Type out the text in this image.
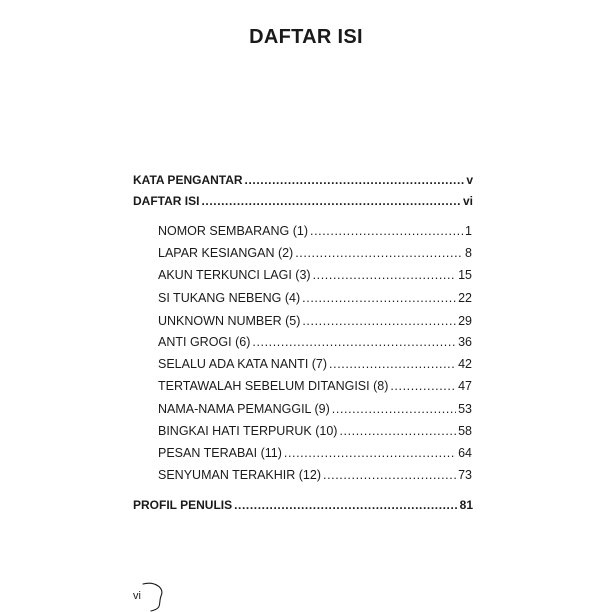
DAFTAR ISI
KATA PENGANTAR .....	v
DAFTAR ISI .....	vi
NOMOR SEMBARANG (1) .....	1
LAPAR KESIANGAN (2) .....	8
AKUN TERKUNCI LAGI (3) .....	15
SI TUKANG NEBENG (4) .....	22
UNKNOWN NUMBER (5) .....	29
ANTI GROGI (6) .....	36
SELALU ADA KATA NANTI (7) .....	42
TERTAWALAH SEBELUM DITANGISI (8) .....	47
NAMA-NAMA PEMANGGIL (9) .....	53
BINGKAI HATI TERPURUK (10) .....	58
PESAN TERABAI (11) .....	64
SENYUMAN TERAKHIR (12) .....	73
PROFIL PENULIS .....	81
vi
